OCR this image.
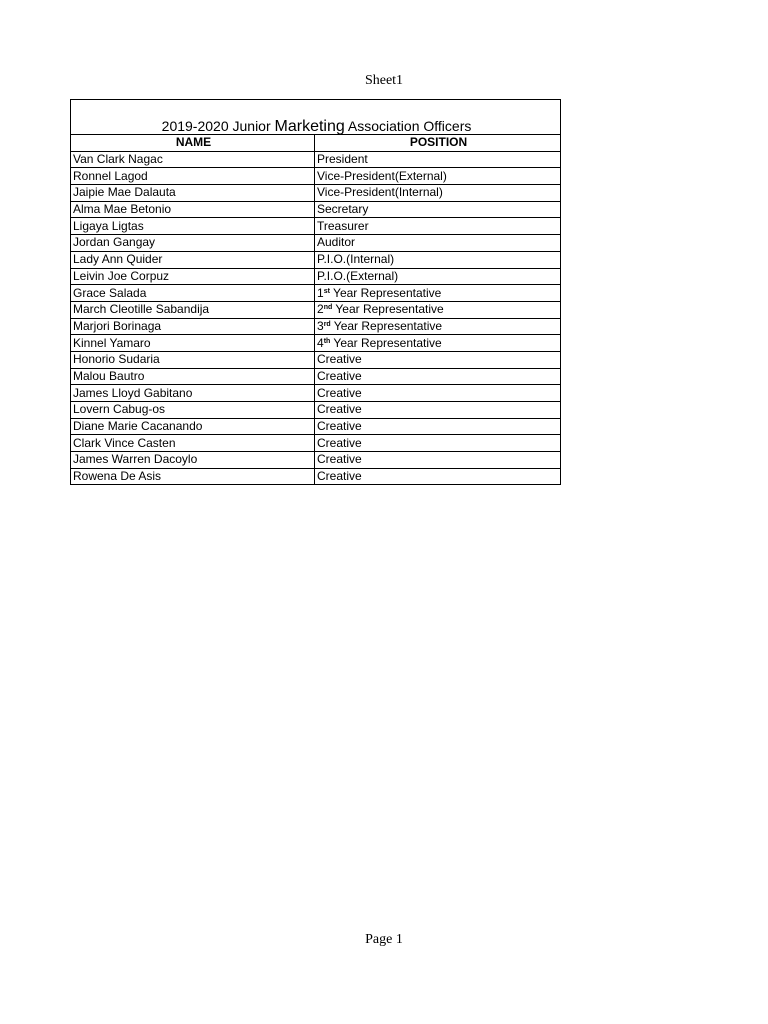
Sheet1
2019-2020 Junior Marketing Association Officers	
NAME	POSITION
Van Clark Nagac	President
Ronnel Lagod	Vice-President(External)
Jaipie Mae Dalauta	Vice-President(Internal)
Alma Mae Betonio	Secretary
Ligaya Ligtas	Treasurer
Jordan Gangay	Auditor
Lady Ann Quider	P.I.O.(Internal)
Leivin Joe Corpuz	P.I.O.(External)
Grace Salada	1st Year Representative
March Cleotille Sabandija	2nd Year Representative
Marjori Borinaga	3rd Year Representative
Kinnel Yamaro	4th Year Representative
Honorio Sudaria	Creative
Malou Bautro	Creative
James Lloyd Gabitano	Creative
Lovern Cabug-os	Creative
Diane Marie Cacanando	Creative
Clark Vince Casten	Creative
James Warren Dacoylo	Creative
Rowena De Asis	Creative
Page 1
